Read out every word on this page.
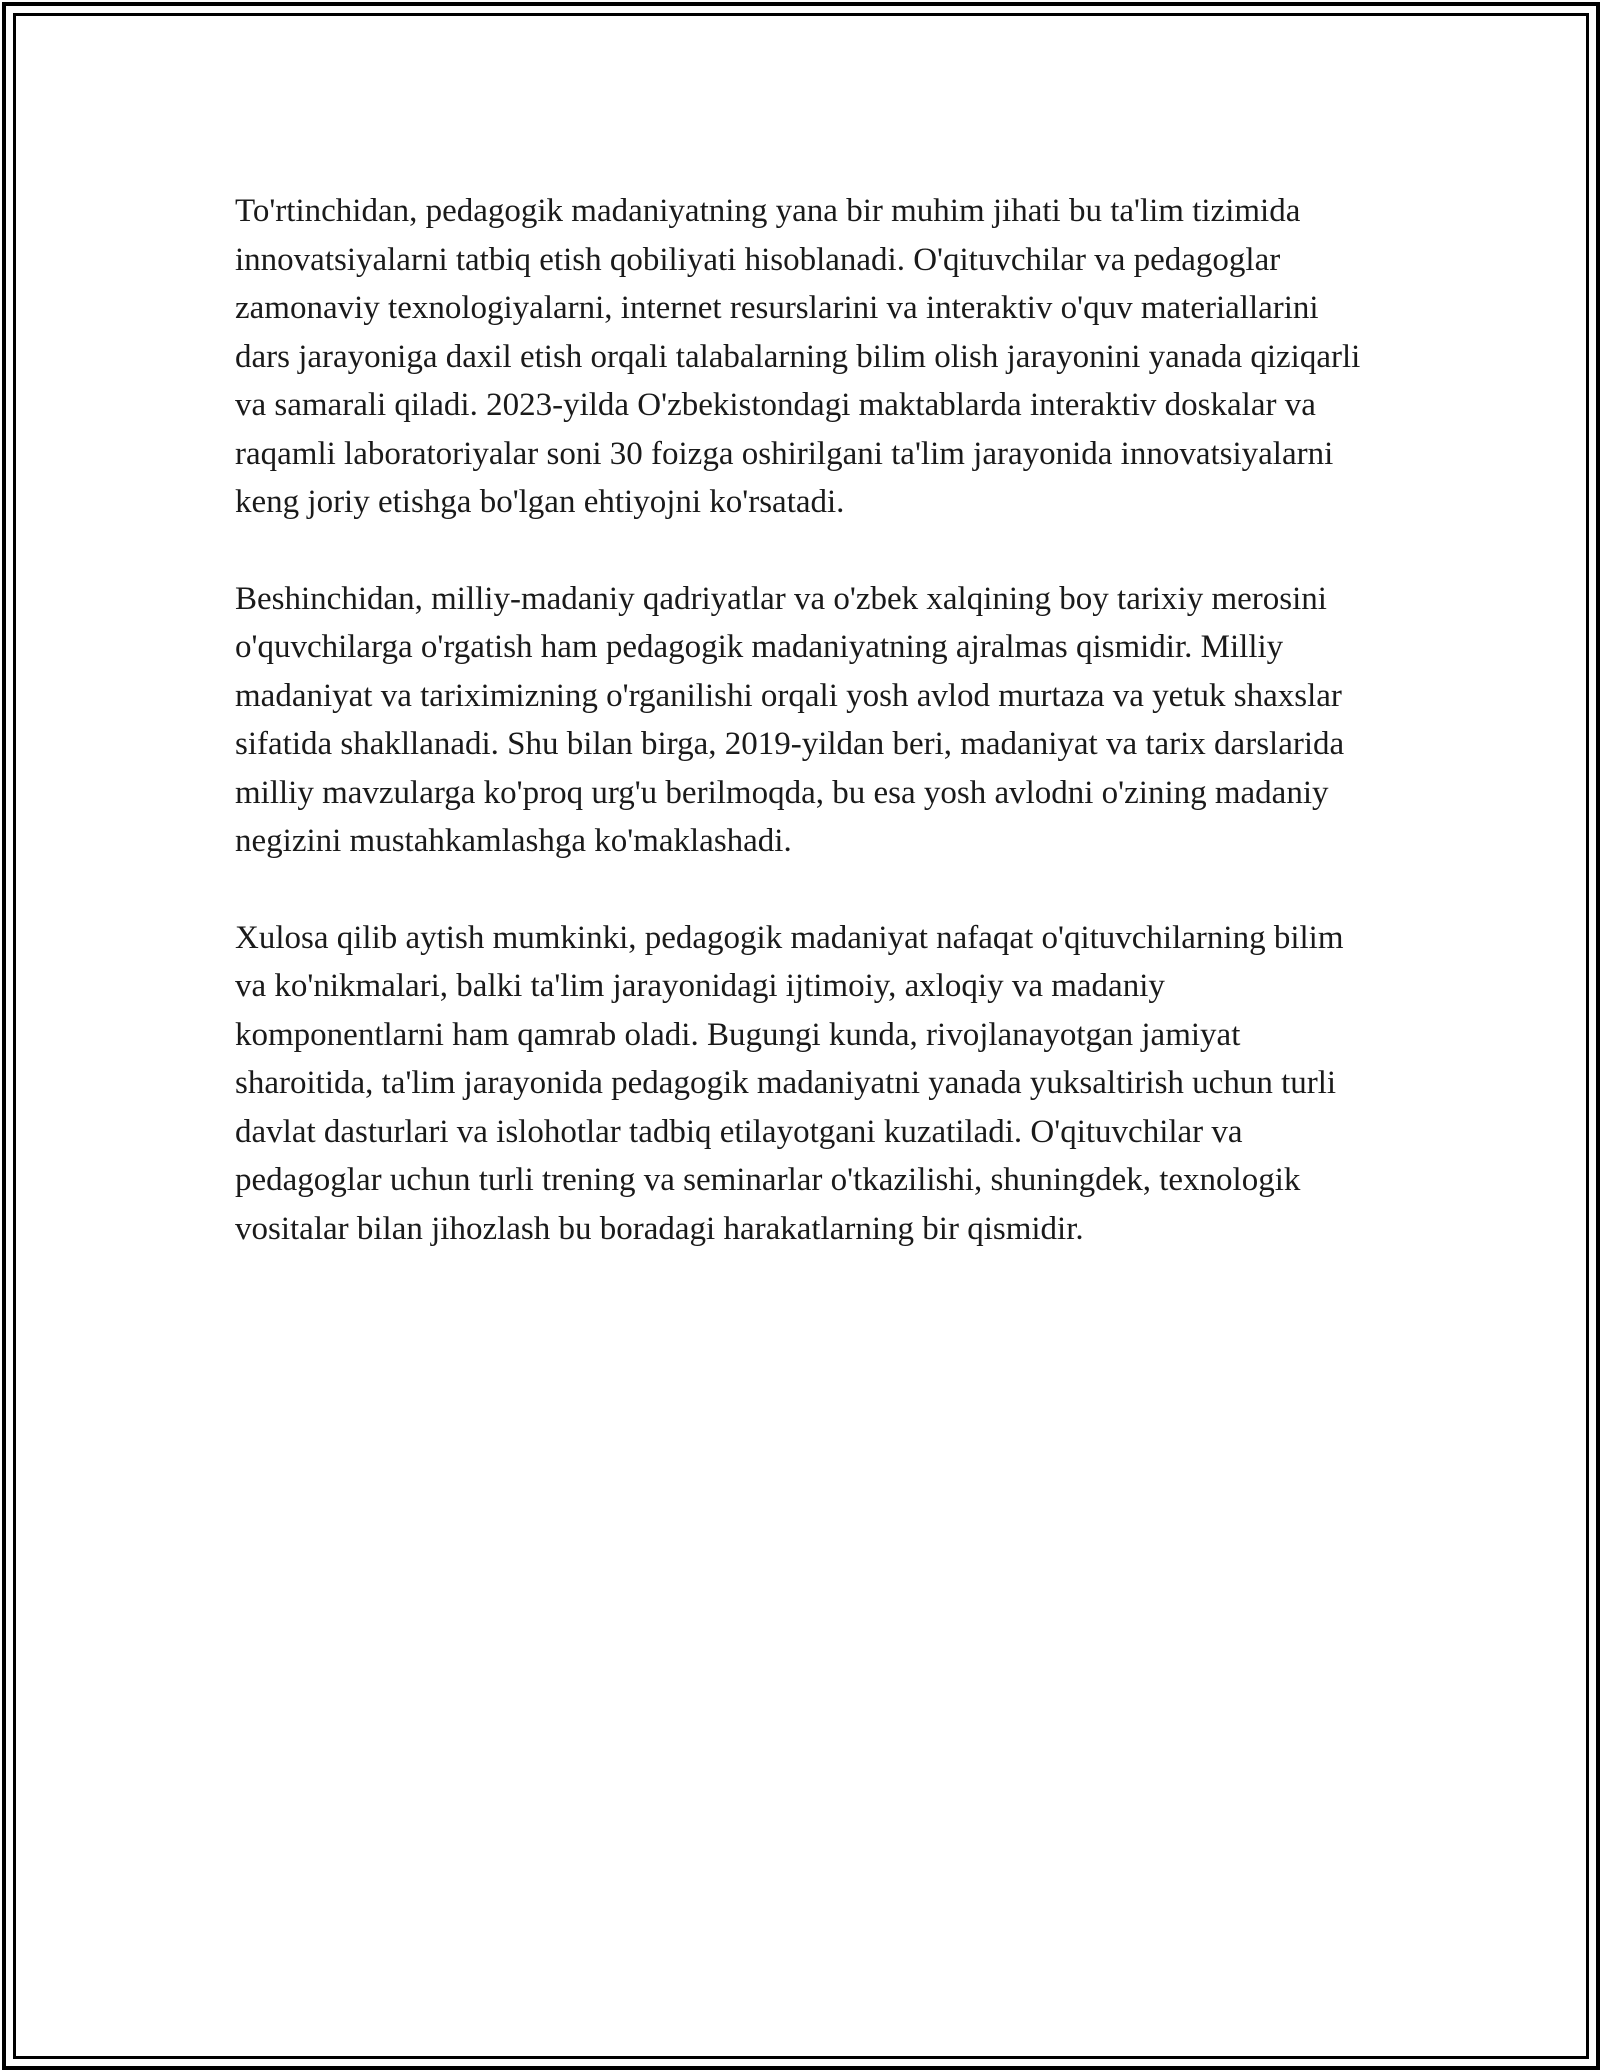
To'rtinchidan, pedagogik madaniyatning yana bir muhim jihati bu ta'lim tizimida innovatsiyalarni tatbiq etish qobiliyati hisoblanadi. O'qituvchilar va pedagoglar zamonaviy texnologiyalarni, internet resurslarini va interaktiv o'quv materiallarini dars jarayoniga daxil etish orqali talabalarning bilim olish jarayonini yanada qiziqarli va samarali qiladi. 2023-yilda O'zbekistondagi maktablarda interaktiv doskalar va raqamli laboratoriyalar soni 30 foizga oshirilgani ta'lim jarayonida innovatsiyalarni keng joriy etishga bo'lgan ehtiyojni ko'rsatadi.

Beshinchidan, milliy-madaniy qadriyatlar va o'zbek xalqining boy tarixiy merosini o'quvchilarga o'rgatish ham pedagogik madaniyatning ajralmas qismidir. Milliy madaniyat va tariximizning o'rganilishi orqali yosh avlod murtaza va yetuk shaxslar sifatida shakllanadi. Shu bilan birga, 2019-yildan beri, madaniyat va tarix darslarida milliy mavzularga ko'proq urg'u berilmoqda, bu esa yosh avlodni o'zining madaniy negizini mustahkamlashga ko'maklashadi.

Xulosa qilib aytish mumkinki, pedagogik madaniyat nafaqat o'qituvchilarning bilim va ko'nikmalari, balki ta'lim jarayonidagi ijtimoiy, axloqiy va madaniy komponentlarni ham qamrab oladi. Bugungi kunda, rivojlanayotgan jamiyat sharoitida, ta'lim jarayonida pedagogik madaniyatni yanada yuksaltirish uchun turli davlat dasturlari va islohotlar tadbiq etilayotgani kuzatiladi. O'qituvchilar va pedagoglar uchun turli trening va seminarlar o'tkazilishi, shuningdek, texnologik vositalar bilan jihozlash bu boradagi harakatlarning bir qismidir.
